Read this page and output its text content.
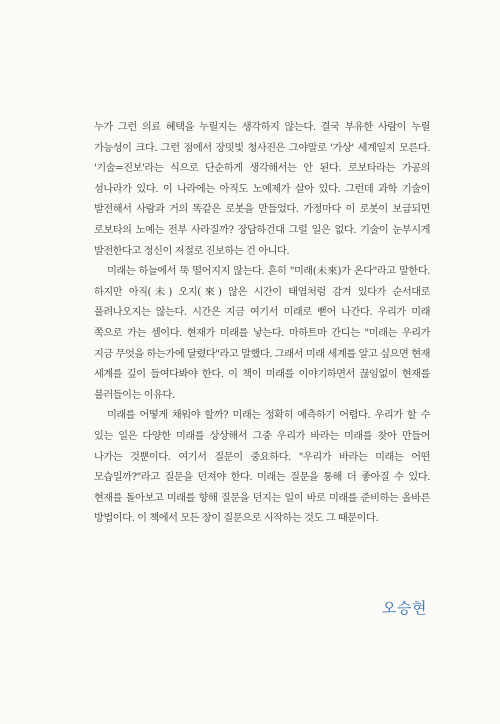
누가 그런 의료 혜택을 누릴지는 생각하지 않는다. 결국 부유한 사람이 누릴 가능성이 크다. 그런 점에서 장밋빛 청사진은 그야말로 '가상' 세계일지 모른다. '기술=진보'라는 식으로 단순하게 생각해서는 안 된다. 로보타라는 가공의 섬나라가 있다. 이 나라에는 아직도 노예제가 살아 있다. 그런데 과학 기술이 발전해서 사람과 거의 똑같은 로봇을 만들었다. 가정마다 이 로봇이 보급되면 로보타의 노예는 전부 사라질까? 장담하건대 그럴 일은 없다. 기술이 눈부시게 발전한다고 정신이 저절로 진보하는 건 아니다.

미래는 하늘에서 뚝 떨어지지 않는다. 흔히 "미래(未來)가 온다"라고 말한다. 하지만 아직(未) 오지(來) 않은 시간이 태엽처럼 감겨 있다가 순서대로 풀려나오지는 않는다. 시간은 지금 여기서 미래로 뻗어 나간다. 우리가 미래 쪽으로 가는 셈이다. 현재가 미래를 낳는다. 마하트마 간디는 "미래는 우리가 지금 무엇을 하는가에 달렸다"라고 말했다. 그래서 미래 세계를 알고 싶으면 현재 세계를 깊이 들여다봐야 한다. 이 책이 미래를 이야기하면서 끊임없이 현재를 불러들이는 이유다.

미래를 어떻게 채워야 할까? 미래는 정확히 예측하기 어렵다. 우리가 할 수 있는 일은 다양한 미래를 상상해서 그중 우리가 바라는 미래를 찾아 만들어 나가는 것뿐이다. 여기서 질문이 중요하다. "우리가 바라는 미래는 어떤 모습일까?"라고 질문을 던져야 한다. 미래는 질문을 통해 더 좋아질 수 있다. 현재를 돌아보고 미래를 향해 질문을 던지는 일이 바로 미래를 준비하는 올바른 방법이다. 이 책에서 모든 장이 질문으로 시작하는 것도 그 때문이다.

오승현
